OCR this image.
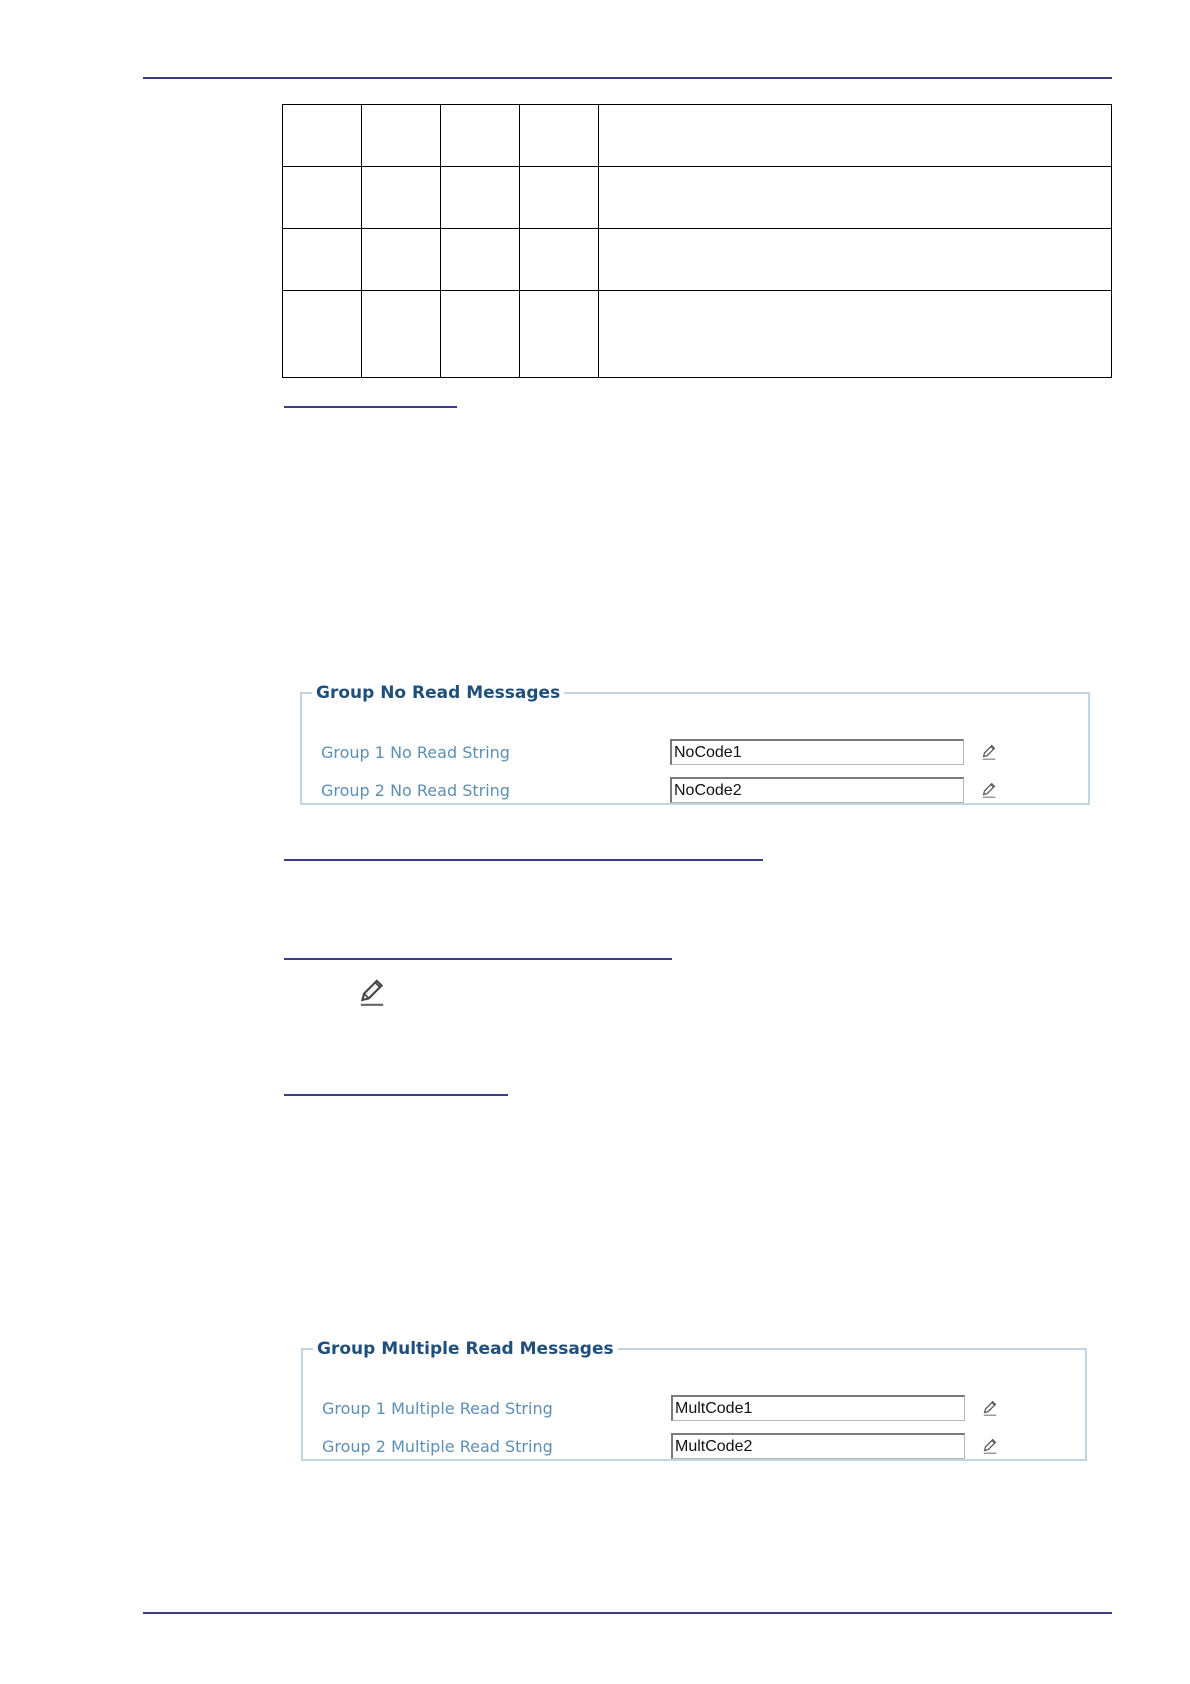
Group No Read Messages
Group 1 No Read String
NoCode1
Group 2 No Read String
NoCode2
Group Multiple Read Messages
Group 1 Multiple Read String
MultCode1
Group 2 Multiple Read String
MultCode2
